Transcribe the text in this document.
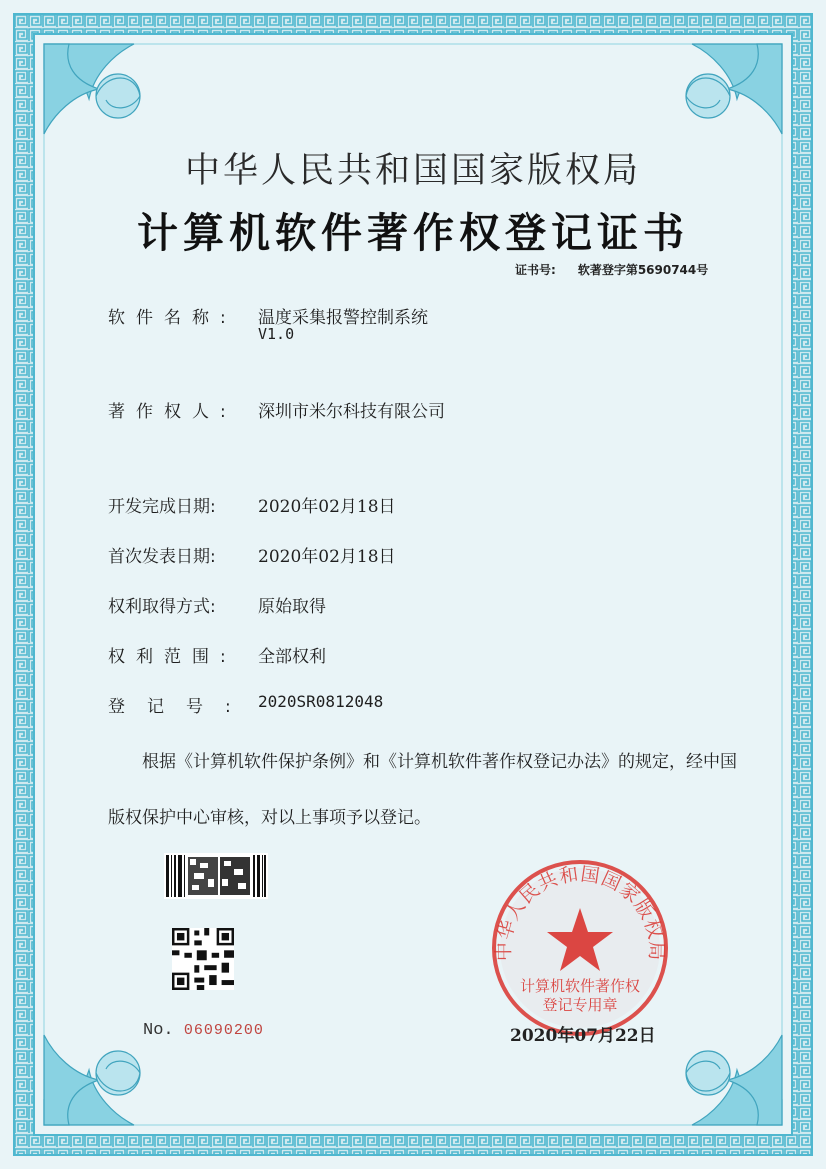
中华人民共和国国家版权局
计算机软件著作权登记证书
证书号: 软著登字第5690744号
软件名称: 温度采集报警控制系统
V1.0
著作权人: 深圳市米尔科技有限公司
开发完成日期: 2020年02月18日
首次发表日期: 2020年02月18日
权利取得方式: 原始取得
权利范围: 全部权利
登记号: 2020SR0812048
根据《计算机软件保护条例》和《计算机软件著作权登记办法》的规定，经中国版权保护中心审核，对以上事项予以登记。
No. 06090200
中华人民共和国国家版权局
计算机软件著作权
登记专用章
2020年07月22日
